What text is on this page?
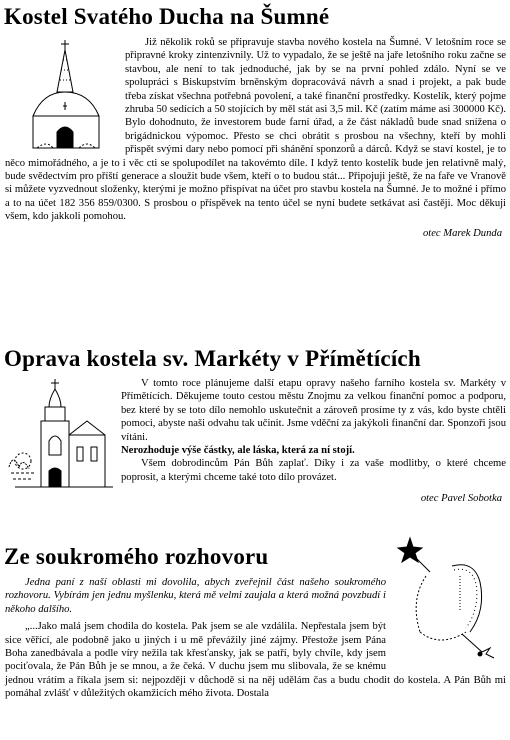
Kostel Svatého Ducha na Šumné

Již několik roků se připravuje stavba nového kostela na Šumné. V letošním roce se připravné kroky zintenzivnily. Už to vypadalo, že se ještě na jaře letošního roku začne se stavbou, ale není to tak jednoduché, jak by se na první pohled zdálo. Nyní se ve spolupráci s Biskupstvím brněnským dopracovává návrh a snad i projekt, a pak bude třeba získat všechna potřebná povolení, a také finanční prostředky. Kostelík, který pojme zhruba 50 sedících a 50 stojících by měl stát asi 3,5 mil. Kč (zatím máme asi 300000 Kč). Bylo dohodnuto, že investorem bude farní úřad, a že část nákladů bude snad snížena o brigádnickou výpomoc. Přesto se chci obrátit s prosbou na všechny, kteří by mohli přispět svými dary nebo pomocí při shánění sponzorů a dárců. Když se staví kostel, je to něco mimořádného, a je to i věc cti se spolupodílet na takovémto díle. I když tento kostelík bude jen relativně malý, bude svědectvím pro příští generace a sloužit bude všem, kteří o to budou stát... Připojuji ještě, že na faře ve Vranově si můžete vyzvednout složenky, kterými je možno přispívat na účet pro stavbu kostela na Šumné. Je to možné i přímo a to na účet 182 356 859/0300. S prosbou o příspěvek na tento účel se nyní budete setkávat asi častěji. Moc děkuji všem, kdo jakkoli pomohou.

otec Marek Dunda
Oprava kostela sv. Markéty v Přímětících

V tomto roce plánujeme další etapu opravy našeho farního kostela sv. Markéty v Přímětících. Děkujeme touto cestou městu Znojmu za velkou finanční pomoc a podporu, bez které by se toto dílo nemohlo uskutečnit a zároveň prosíme ty z vás, kdo byste chtěli pomoci, abyste naši odvahu tak učinit. Jsme vděční za jakýkoli finanční dar. Sponzoři jsou vítáni.

Nerozhoduje výše částky, ale láska, která za ní stojí.

Všem dobrodincům Pán Bůh zaplať. Díky i za vaše modlitby, o které chceme poprosit, a kterými chceme také toto dílo provázet.

otec Pavel Sobotka
Ze soukromého rozhovoru

Jedna paní z naší oblasti mi dovolila, abych zveřejnil část našeho soukromého rozhovoru. Vybírám jen jednu myšlenku, která mě velmi zaujala a která možná povzbudí i někoho dalšího.

„...Jako malá jsem chodila do kostela. Pak jsem se ale vzdálila. Nepřestala jsem být sice věřící, ale podobně jako u jiných i u mě převážily jiné zájmy. Přestože jsem Pána Boha zanedbávala a podle víry nežila tak křesťansky, jak se patří, byly chvíle, kdy jsem pociťovala, že Pán Bůh je se mnou, a že čeká. V duchu jsem mu slibovala, že se knému jednou vrátím a říkala jsem si: nejpozději v důchodě si na něj udělám čas a budu chodit do kostela. A Pán Bůh mi pomáhal zvlášť v důležitých okamžicích mého života. Dostala
